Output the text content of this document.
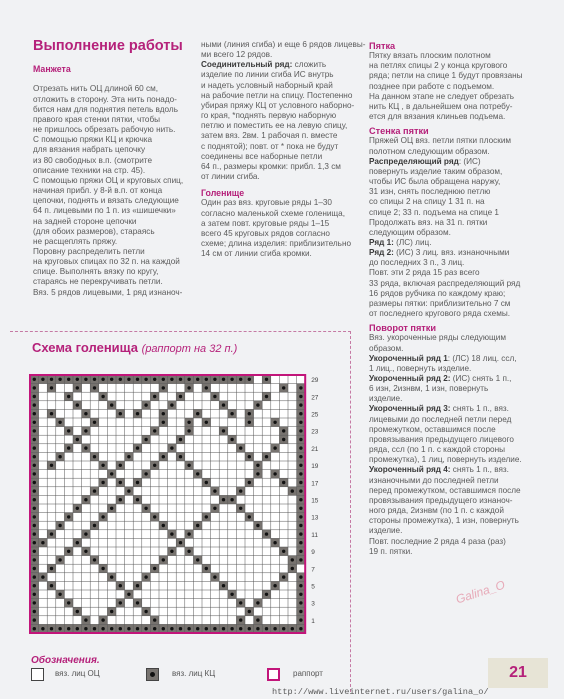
Выполнение работы

Манжета

Отрезать нить ОЦ длиной 60 см,
отложить в сторону. Эта нить понадо-
бится нам для поднятия петель вдоль
правого края стенки пятки, чтобы
не пришлось обрезать рабочую нить.
С помощью пряжи КЦ и крючка
для вязания набрать цепочку
из 80 свободных в.п. (смотрите
описание техники на стр. 45).
С помощью пряжи ОЦ и круговых спиц,
начиная прибл. у 8-й в.п. от конца
цепочки, поднять и вязать следующие
64 п. лицевыми по 1 п. из «шишечки»
на задней стороне цепочки
(для обоих размеров), стараясь
не расщеплять пряжу.
Поровну распределить петли
на круговых спицах по 32 п. на каждой
спице. Выполнять вязку по кругу,
стараясь не перекручивать петли.
Вяз. 5 рядов лицевыми, 1 ряд изнаноч-
ными (линия сгиба) и еще 6 рядов лицевы-
ми всего 12 рядов.
Соединительный ряд: сложить
изделие по линии сгиба ИС внутрь
и надеть условный наборный край
на рабочие петли на спицу. Постепенно
убирая пряжу КЦ от условного наборно-
го края, *поднять первую наборную
петлю и поместить ее на левую спицу,
затем вяз. 2вм. 1 рабочая п. вместе
с поднятой); повт. от * пока не будут
соединены все наборные петли
64 п., размеры кромки: прибл. 1,3 см
от линии сгиба.
Голенище
Один раз вяз. круговые ряды 1–30
согласно маленькой схеме голенища,
а затем повт. круговые ряды 1–15
всего 45 круговых рядов согласно
схеме; длина изделия: приблизительно
14 см от линии сгиба кромки.
Пятка
Пятку вязать плоским полотном
на петлях спицы 2 у конца кругового
ряда; петли на спице 1 будут провязаны
позднее при работе с подъемом.
На данном этапе не следует обрезать
нить КЦ , в дальнейшем она потребу-
ется для вязания клиньев подъема.
Стенка пятки
Пряжей ОЦ вяз. петли пятки плоским
полотном следующим образом.
Распределяющий ряд: (ИС)
повернуть изделие таким образом,
чтобы ИС была обращена наружу,
31 изн, снять последнюю петлю
со спицы 2 на спицу 1 31 п. на
спице 2; 33 п. подъема на спице 1
Продолжать вяз. на 31 п. пятки
следующим образом.
Ряд 1: (ЛС) лиц.
Ряд 2: (ИС) 3 лиц. вяз. изнаночными
до последних 3 п., 3 лиц.
Повт. эти 2 ряда 15 раз всего
33 ряда, включая распределяющий ряд
16 рядов рубчика по каждому краю;
размеры пятки: приблизительно 7 см
от последнего кругового ряда схемы.
Поворот пятки
Вяз. укороченные ряды следующим
образом.
Укороченный ряд 1: (ЛС) 18 лиц. ссл,
1 лиц., повернуть изделие.
Укороченный ряд 2: (ИС) снять 1 п.,
6 изн, 2изнвм, 1 изн, повернуть
изделие.
Укороченный ряд 3: снять 1 п., вяз.
лицевыми до последней петли перед
промежутком, оставшимся после
провязывания предыдущего лицевого
ряда, ссл (по 1 п. с каждой стороны
промежутка), 1 лиц, повернуть изделие.
Укороченный ряд 4: снять 1 п., вяз.
изнаночными до последней петли
перед промежутком, оставшимся после
провязывания предыдущего изнаноч-
ного ряда, 2изнвм (по 1 п. с каждой
стороны промежутка), 1 изн, повернуть
изделие.
Повт. последние 2 ряда 4 раза (раз)
19 п. пятки.
Схема голенища (раппорт на 32 п.)
29
27
25
23
21
19
17
15
13
11
9
7
5
3
1
Обозначения.
вяз. лиц ОЦ	вяз. лиц КЦ	раппорт
Galina_O
21
http://www.liveinternet.ru/users/galina_o/
